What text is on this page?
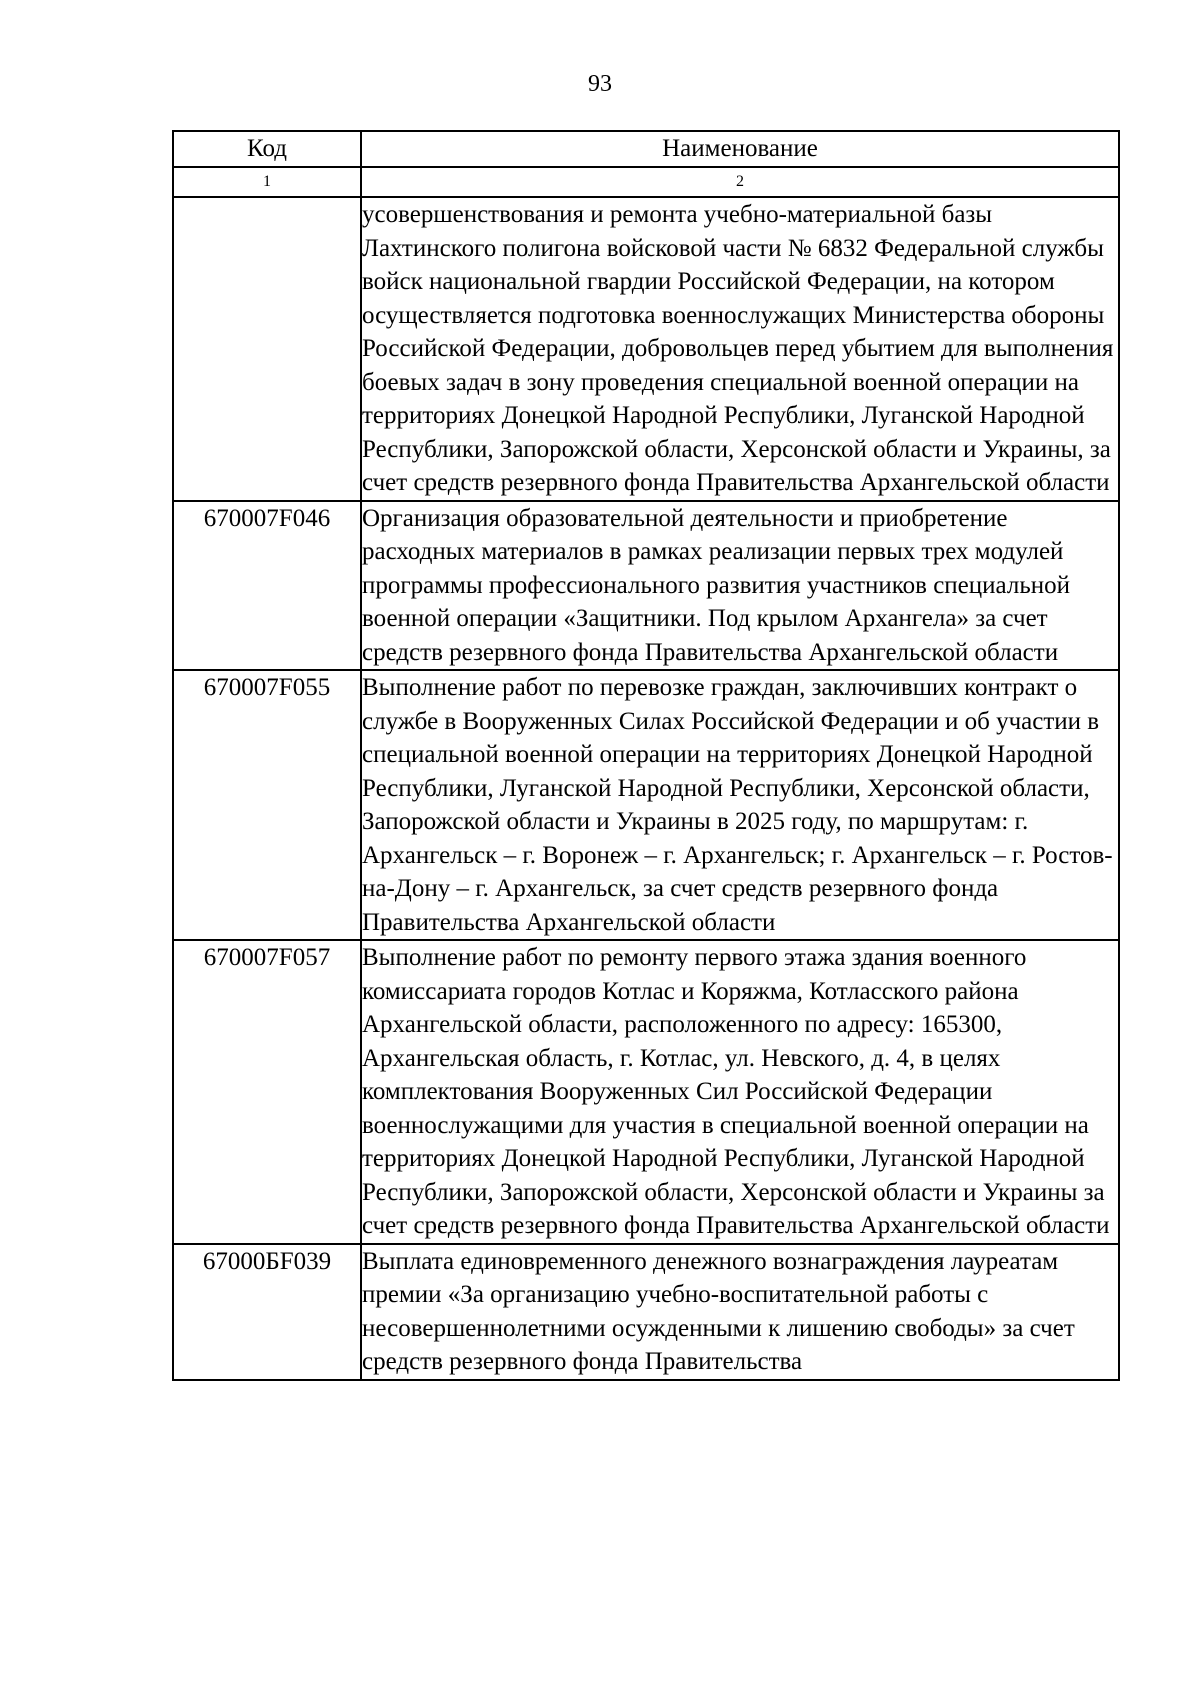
93
Код	Наименование
1	2
	усовершенствования и ремонта учебно-материальной базы Лахтинского полигона войсковой части № 6832 Федеральной службы войск национальной гвардии Российской Федерации, на котором осуществляется подготовка военнослужащих Министерства обороны Российской Федерации, добровольцев перед убытием для выполнения боевых задач в зону проведения специальной военной операции на территориях Донецкой Народной Республики, Луганской Народной Республики, Запорожской области, Херсонской области и Украины, за счет средств резервного фонда Правительства Архангельской области
670007F046	Организация образовательной деятельности и приобретение расходных материалов в рамках реализации первых трех модулей программы профессионального развития участников специальной военной операции «Защитники. Под крылом Архангела» за счет средств резервного фонда Правительства Архангельской области
670007F055	Выполнение работ по перевозке граждан, заключивших контракт о службе в Вооруженных Силах Российской Федерации и об участии в специальной военной операции на территориях Донецкой Народной Республики, Луганской Народной Республики, Херсонской области, Запорожской области и Украины в 2025 году, по маршрутам: г. Архангельск – г. Воронеж – г. Архангельск; г. Архангельск – г. Ростов-на-Дону – г. Архангельск, за счет средств резервного фонда Правительства Архангельской области
670007F057	Выполнение работ по ремонту первого этажа здания военного комиссариата городов Котлас и Коряжма, Котласского района Архангельской области, расположенного по адресу: 165300, Архангельская область, г. Котлас, ул. Невского, д. 4, в целях комплектования Вооруженных Сил Российской Федерации военнослужащими для участия в специальной военной операции на территориях Донецкой Народной Республики, Луганской Народной Республики, Запорожской области, Херсонской области и Украины за счет средств резервного фонда Правительства Архангельской области
67000БF039	Выплата единовременного денежного вознаграждения лауреатам премии «За организацию учебно-воспитательной работы с несовершеннолетними осужденными к лишению свободы» за счет средств резервного фонда Правительства
